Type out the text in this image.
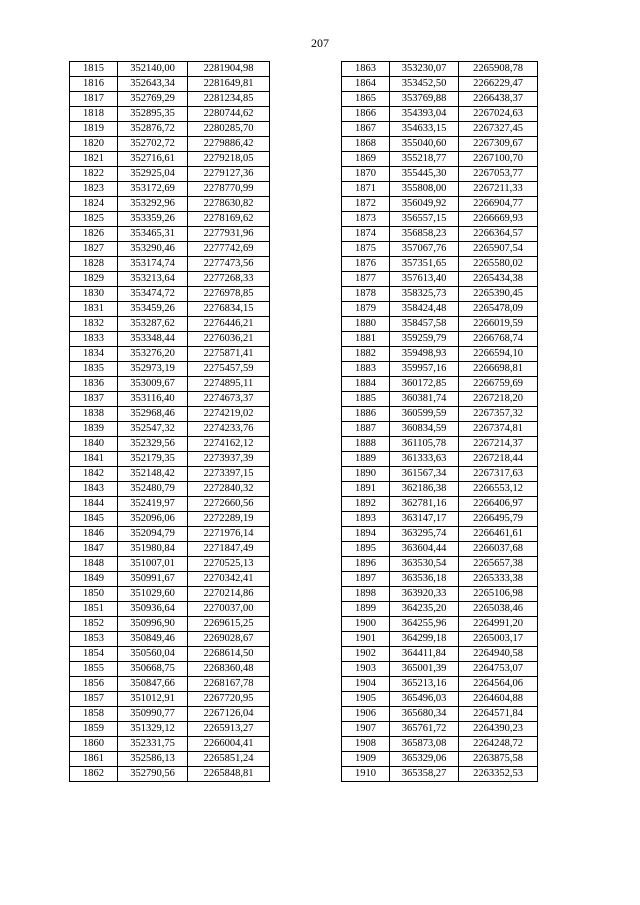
207
1815	352140,00	2281904,98
1816	352643,34	2281649,81
1817	352769,29	2281234,85
1818	352895,35	2280744,62
1819	352876,72	2280285,70
1820	352702,72	2279886,42
1821	352716,61	2279218,05
1822	352925,04	2279127,36
1823	353172,69	2278770,99
1824	353292,96	2278630,82
1825	353359,26	2278169,62
1826	353465,31	2277931,96
1827	353290,46	2277742,69
1828	353174,74	2277473,56
1829	353213,64	2277268,33
1830	353474,72	2276978,85
1831	353459,26	2276834,15
1832	353287,62	2276446,21
1833	353348,44	2276036,21
1834	353276,20	2275871,41
1835	352973,19	2275457,59
1836	353009,67	2274895,11
1837	353116,40	2274673,37
1838	352968,46	2274219,02
1839	352547,32	2274233,76
1840	352329,56	2274162,12
1841	352179,35	2273937,39
1842	352148,42	2273397,15
1843	352480,79	2272840,32
1844	352419,97	2272660,56
1845	352096,06	2272289,19
1846	352094,79	2271976,14
1847	351980,84	2271847,49
1848	351007,01	2270525,13
1849	350991,67	2270342,41
1850	351029,60	2270214,86
1851	350936,64	2270037,00
1852	350996,90	2269615,25
1853	350849,46	2269028,67
1854	350560,04	2268614,50
1855	350668,75	2268360,48
1856	350847,66	2268167,78
1857	351012,91	2267720,95
1858	350990,77	2267126,04
1859	351329,12	2265913,27
1860	352331,75	2266004,41
1861	352586,13	2265851,24
1862	352790,56	2265848,81
1863	353230,07	2265908,78
1864	353452,50	2266229,47
1865	353769,88	2266438,37
1866	354393,04	2267024,63
1867	354633,15	2267327,45
1868	355040,60	2267309,67
1869	355218,77	2267100,70
1870	355445,30	2267053,77
1871	355808,00	2267211,33
1872	356049,92	2266904,77
1873	356557,15	2266669,93
1874	356858,23	2266364,57
1875	357067,76	2265907,54
1876	357351,65	2265580,02
1877	357613,40	2265434,38
1878	358325,73	2265390,45
1879	358424,48	2265478,09
1880	358457,58	2266019,59
1881	359259,79	2266768,74
1882	359498,93	2266594,10
1883	359957,16	2266698,81
1884	360172,85	2266759,69
1885	360381,74	2267218,20
1886	360599,59	2267357,32
1887	360834,59	2267374,81
1888	361105,78	2267214,37
1889	361333,63	2267218,44
1890	361567,34	2267317,63
1891	362186,38	2266553,12
1892	362781,16	2266406,97
1893	363147,17	2266495,79
1894	363295,74	2266461,61
1895	363604,44	2266037,68
1896	363530,54	2265657,38
1897	363536,18	2265333,38
1898	363920,33	2265106,98
1899	364235,20	2265038,46
1900	364255,96	2264991,20
1901	364299,18	2265003,17
1902	364411,84	2264940,58
1903	365001,39	2264753,07
1904	365213,16	2264564,06
1905	365496,03	2264604,88
1906	365680,34	2264571,84
1907	365761,72	2264390,23
1908	365873,08	2264248,72
1909	365329,06	2263875,58
1910	365358,27	2263352,53
